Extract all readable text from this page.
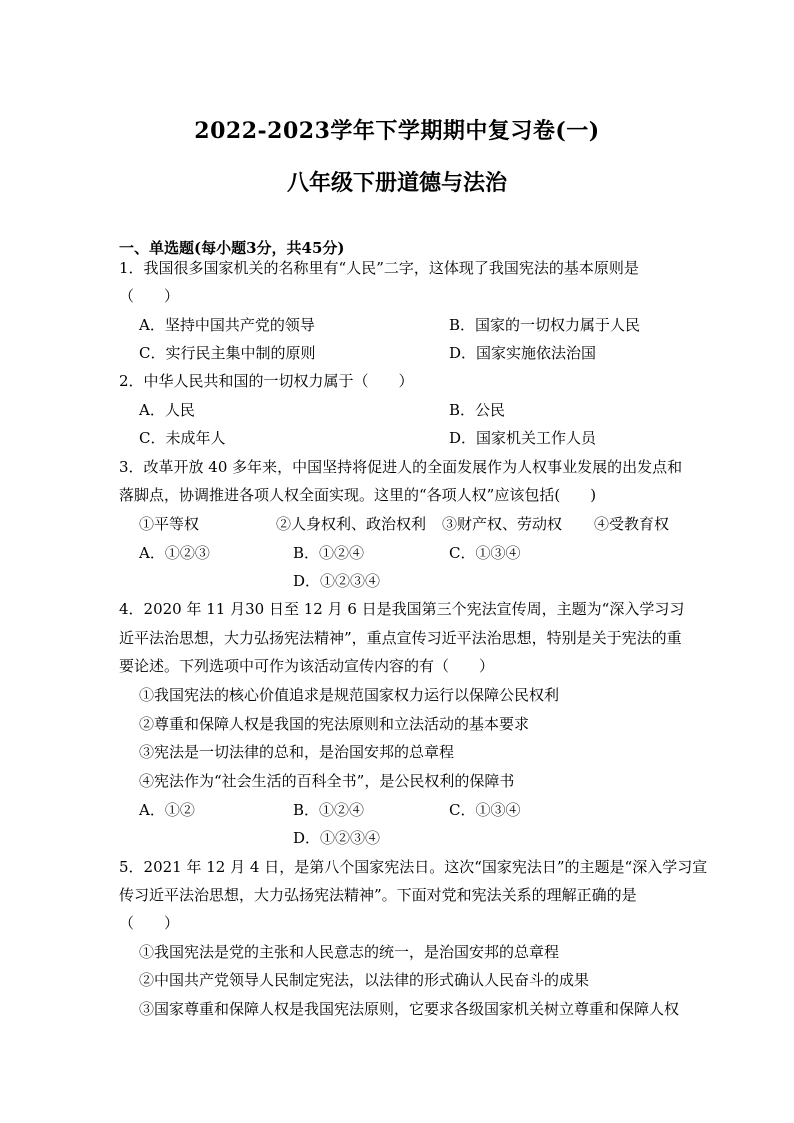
2022-2023学年下学期期中复习卷(一)
八年级下册道德与法治
一、单选题(每小题3分，共45分)
1．我国很多国家机关的名称里有“人民”二字，这体现了我国宪法的基本原则是
（　　）
A．坚持中国共产党的领导	B．国家的一切权力属于人民
C．实行民主集中制的原则	D．国家实施依法治国
2．中华人民共和国的一切权力属于（　　）
A．人民	B．公民
C．未成年人	D．国家机关工作人员
3．改革开放 40 多年来，中国坚持将促进人的全面发展作为人权事业发展的出发点和
落脚点，协调推进各项人权全面实现。这里的“各项人权”应该包括(　　)
①平等权	②人身权利、政治权利 ③财产权、劳动权 ④受教育权
A．①②③	B．①②④	C．①③④
D．①②③④
4．2020 年 11 月30 日至 12 月 6 日是我国第三个宪法宣传周，主题为“深入学习习
近平法治思想，大力弘扬宪法精神”，重点宣传习近平法治思想，特别是关于宪法的重
要论述。下列选项中可作为该活动宣传内容的有（　　）
①我国宪法的核心价值追求是规范国家权力运行以保障公民权利
②尊重和保障人权是我国的宪法原则和立法活动的基本要求
③宪法是一切法律的总和，是治国安邦的总章程
④宪法作为“社会生活的百科全书”，是公民权利的保障书
A．①②	B．①②④	C．①③④
D．①②③④
5．2021 年 12 月 4 日，是第八个国家宪法日。这次“国家宪法日”的主题是“深入学习宣
传习近平法治思想，大力弘扬宪法精神”。下面对党和宪法关系的理解正确的是
（　　）
①我国宪法是党的主张和人民意志的统一，是治国安邦的总章程
②中国共产党领导人民制定宪法，以法律的形式确认人民奋斗的成果
③国家尊重和保障人权是我国宪法原则，它要求各级国家机关树立尊重和保障人权
